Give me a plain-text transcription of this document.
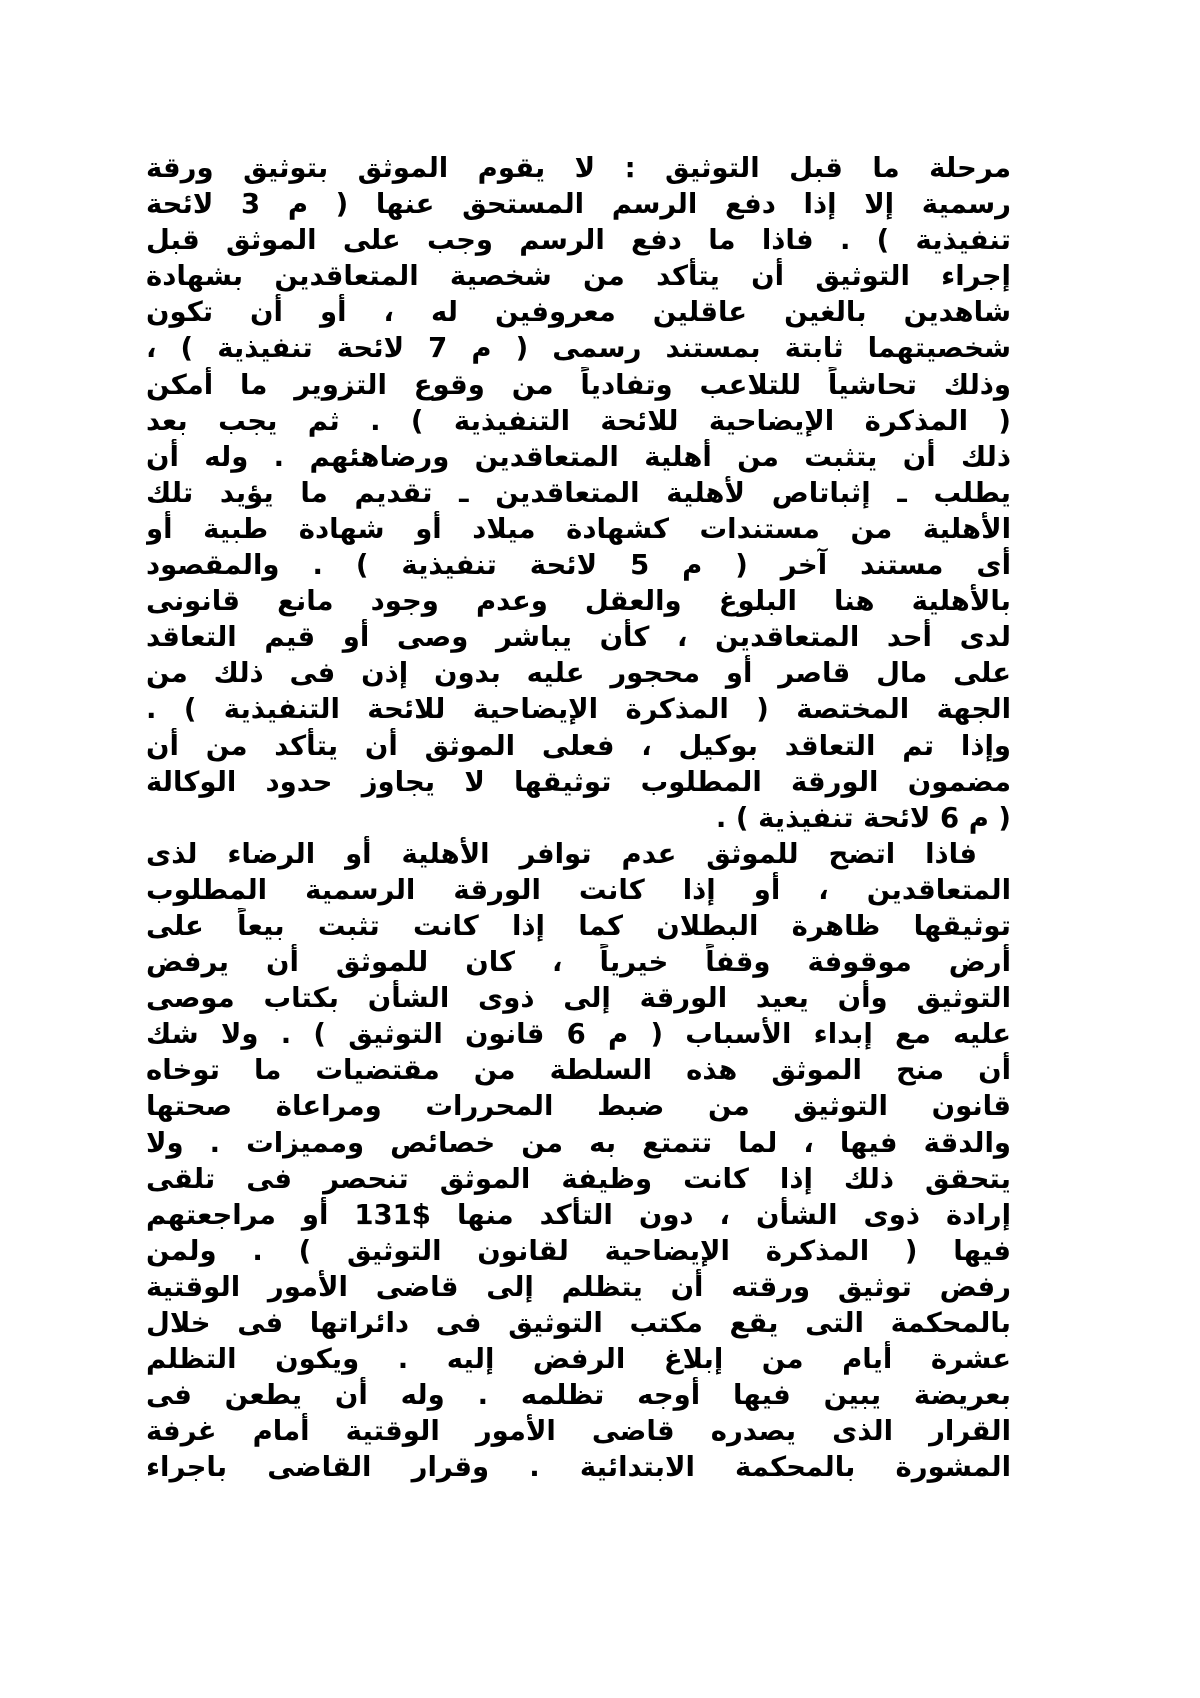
مرحلة ما قبل التوثيق : لا يقوم الموثق بتوثيق ورقة
رسمية إلا إذا دفع الرسم المستحق عنها ( م 3 لائحة
تنفيذية ) . فاذا ما دفع الرسم وجب على الموثق قبل
إجراء التوثيق أن يتأكد من شخصية المتعاقدين بشهادة
شاهدين بالغين عاقلين معروفين له ، أو أن تكون
شخصيتهما ثابتة بمستند رسمى ( م 7 لائحة تنفيذية ) ،
وذلك تحاشياً للتلاعب وتفادياً من وقوع التزوير ما أمكن
( المذكرة الإيضاحية للائحة التنفيذية ) . ثم يجب بعد
ذلك أن يتثبت من أهلية المتعاقدين ورضاهئهم . وله أن
يطلب ـ إثباتاص لأهلية المتعاقدين ـ تقديم ما يؤيد تلك
الأهلية من مستندات كشهادة ميلاد أو شهادة طبية أو
أى مستند آخر ( م 5 لائحة تنفيذية ) . والمقصود
بالأهلية هنا البلوغ والعقل وعدم وجود مانع قانونى
لدى أحد المتعاقدين ، كأن يباشر وصى أو قيم التعاقد
على مال قاصر أو محجور عليه بدون إذن فى ذلك من
الجهة المختصة ( المذكرة الإيضاحية للائحة التنفيذية ) .
وإذا تم التعاقد بوكيل ، فعلى الموثق أن يتأكد من أن
مضمون الورقة المطلوب توثيقها لا يجاوز حدود الوكالة
( م 6 لائحة تنفيذية ) .
فاذا اتضح للموثق عدم توافر الأهلية أو الرضاء لذى
المتعاقدين ، أو إذا كانت الورقة الرسمية المطلوب
توثيقها ظاهرة البطلان كما إذا كانت تثبت بيعاً على
أرض موقوفة وقفاً خيرياً ، كان للموثق أن يرفض
التوثيق وأن يعيد الورقة إلى ذوى الشأن بكتاب موصى
عليه مع إبداء الأسباب ( م 6 قانون التوثيق ) . ولا شك
أن منح الموثق هذه السلطة من مقتضيات ما توخاه
قانون التوثيق من ضبط المحررات ومراعاة صحتها
والدقة فيها ، لما تتمتع به من خصائص ومميزات . ولا
يتحقق ذلك إذا كانت وظيفة الموثق تنحصر فى تلقى
إرادة ذوى الشأن ، دون التأكد منها $131 أو مراجعتهم
فيها ( المذكرة الإيضاحية لقانون التوثيق ) . ولمن
رفض توثيق ورقته أن يتظلم إلى قاضى الأمور الوقتية
بالمحكمة التى يقع مكتب التوثيق فى دائراتها فى خلال
عشرة أيام من إبلاغ الرفض إليه . ويكون التظلم
بعريضة يبين فيها أوجه تظلمه . وله أن يطعن فى
القرار الذى يصدره قاضى الأمور الوقتية أمام غرفة
المشورة بالمحكمة الابتدائية . وقرار القاضى باجراء
